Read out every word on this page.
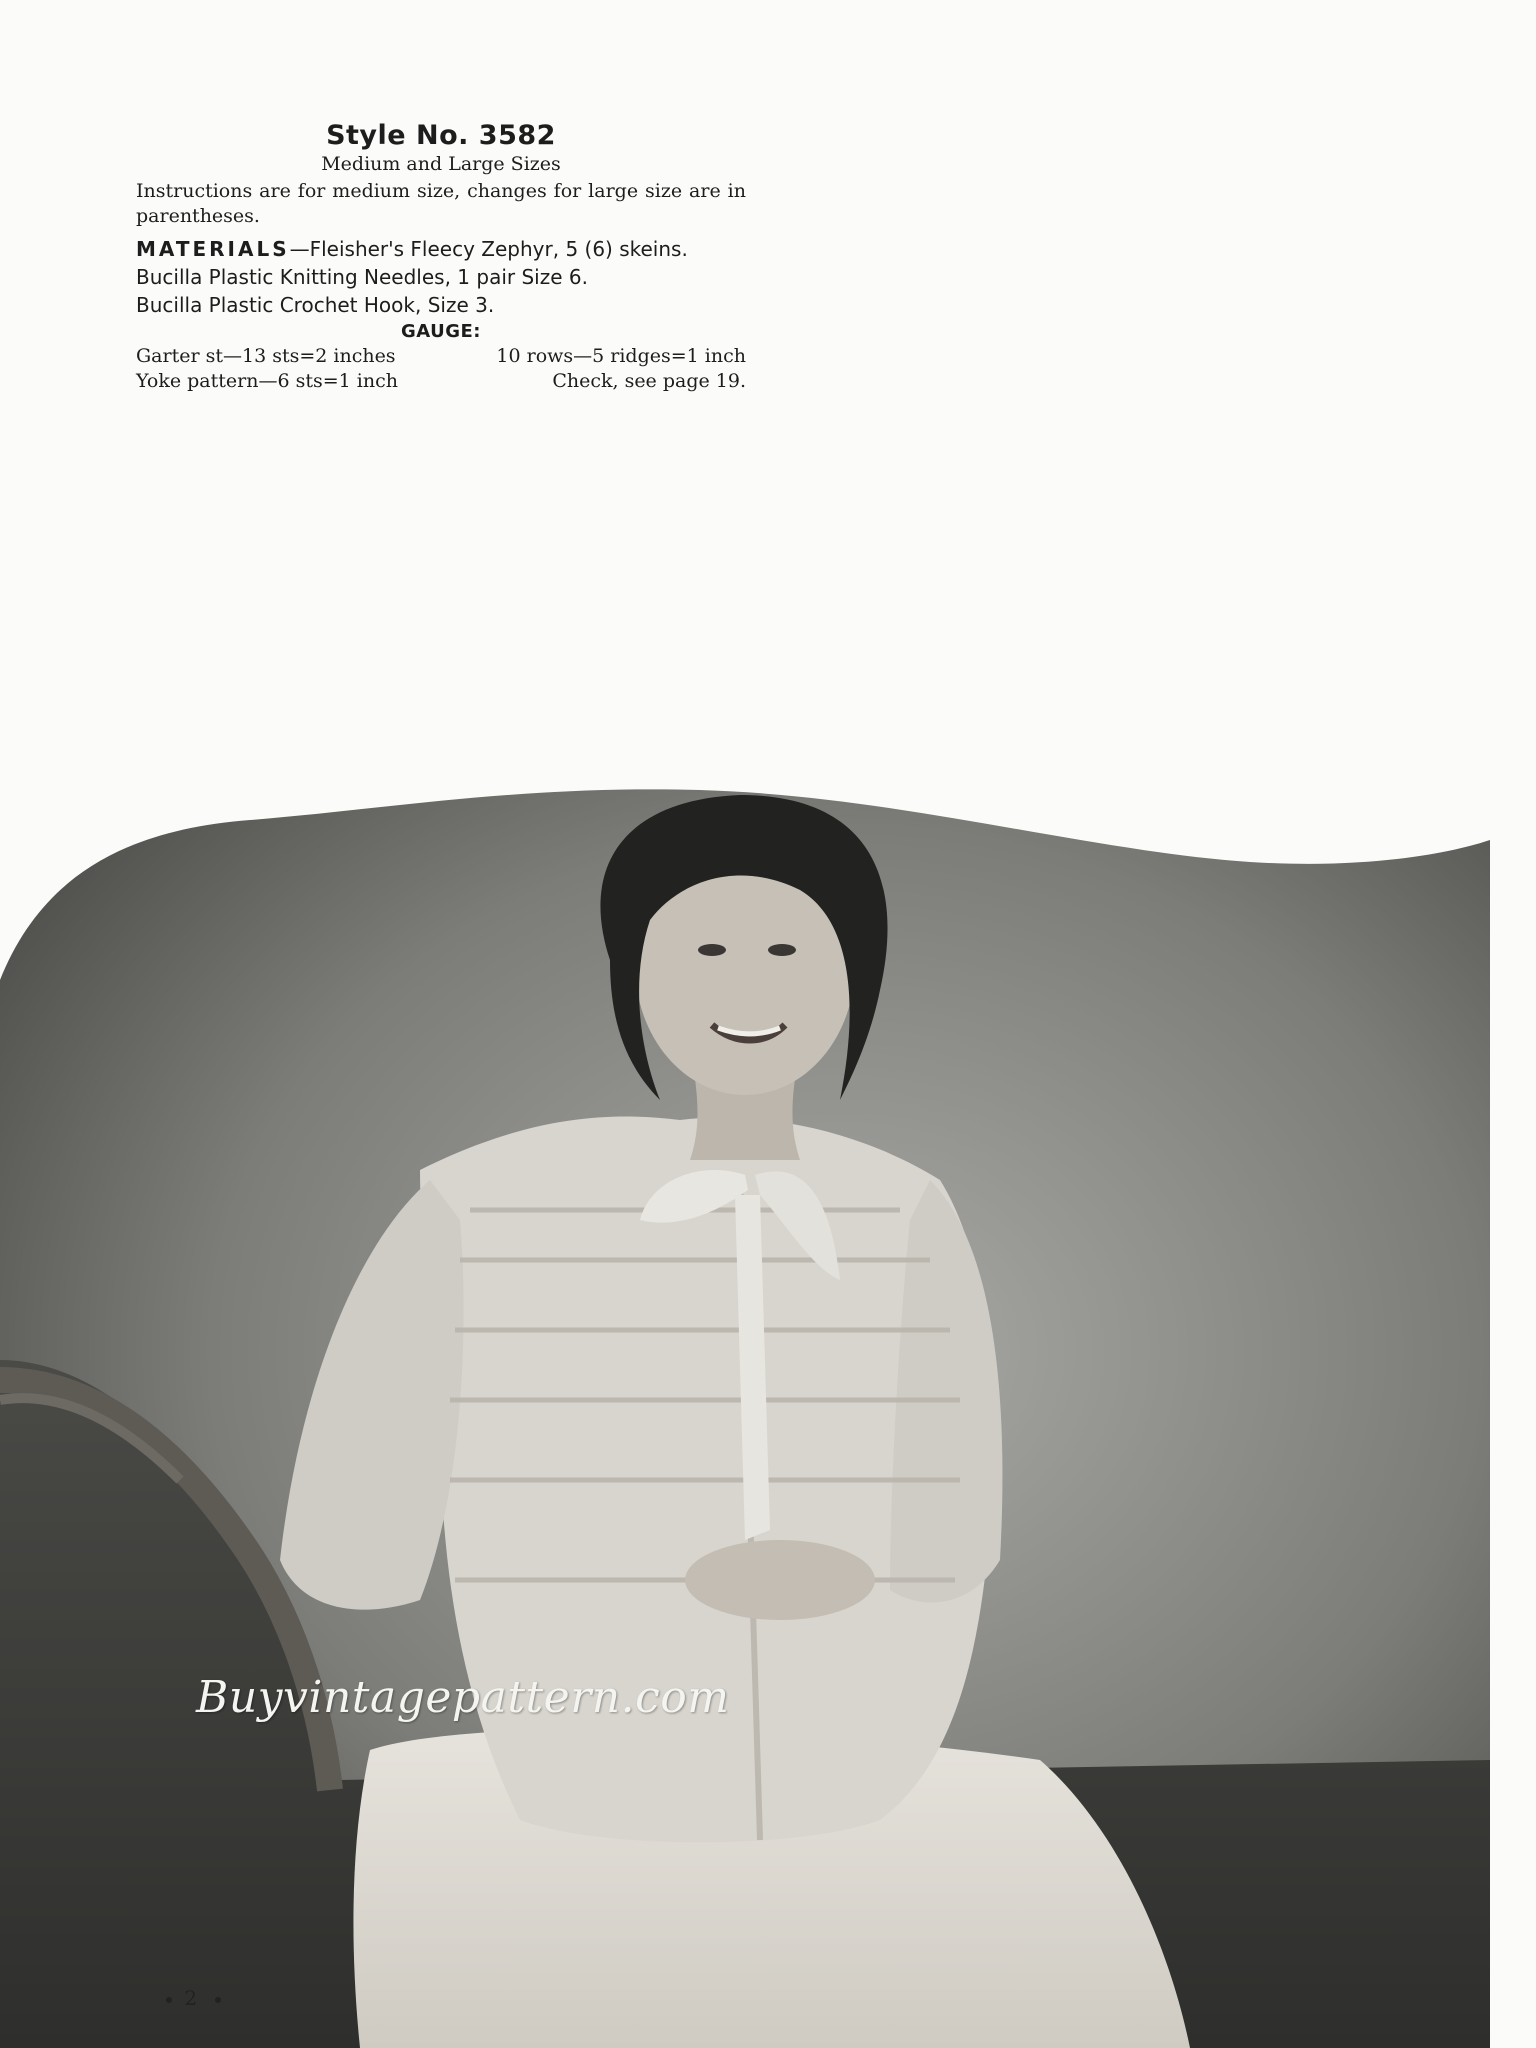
Style No. 3582
Medium and Large Sizes
Instructions are for medium size, changes for large size are in parentheses.
MATERIALS—Fleisher's Fleecy Zephyr, 5 (6) skeins.
Bucilla Plastic Knitting Needles, 1 pair Size 6.
Bucilla Plastic Crochet Hook, Size 3.
GAUGE:
Garter st—13 sts=2 inches	10 rows—5 ridges=1 inch
Yoke pattern—6 sts=1 inch	Check, see page 19.
Buyvintagepattern.com
2
